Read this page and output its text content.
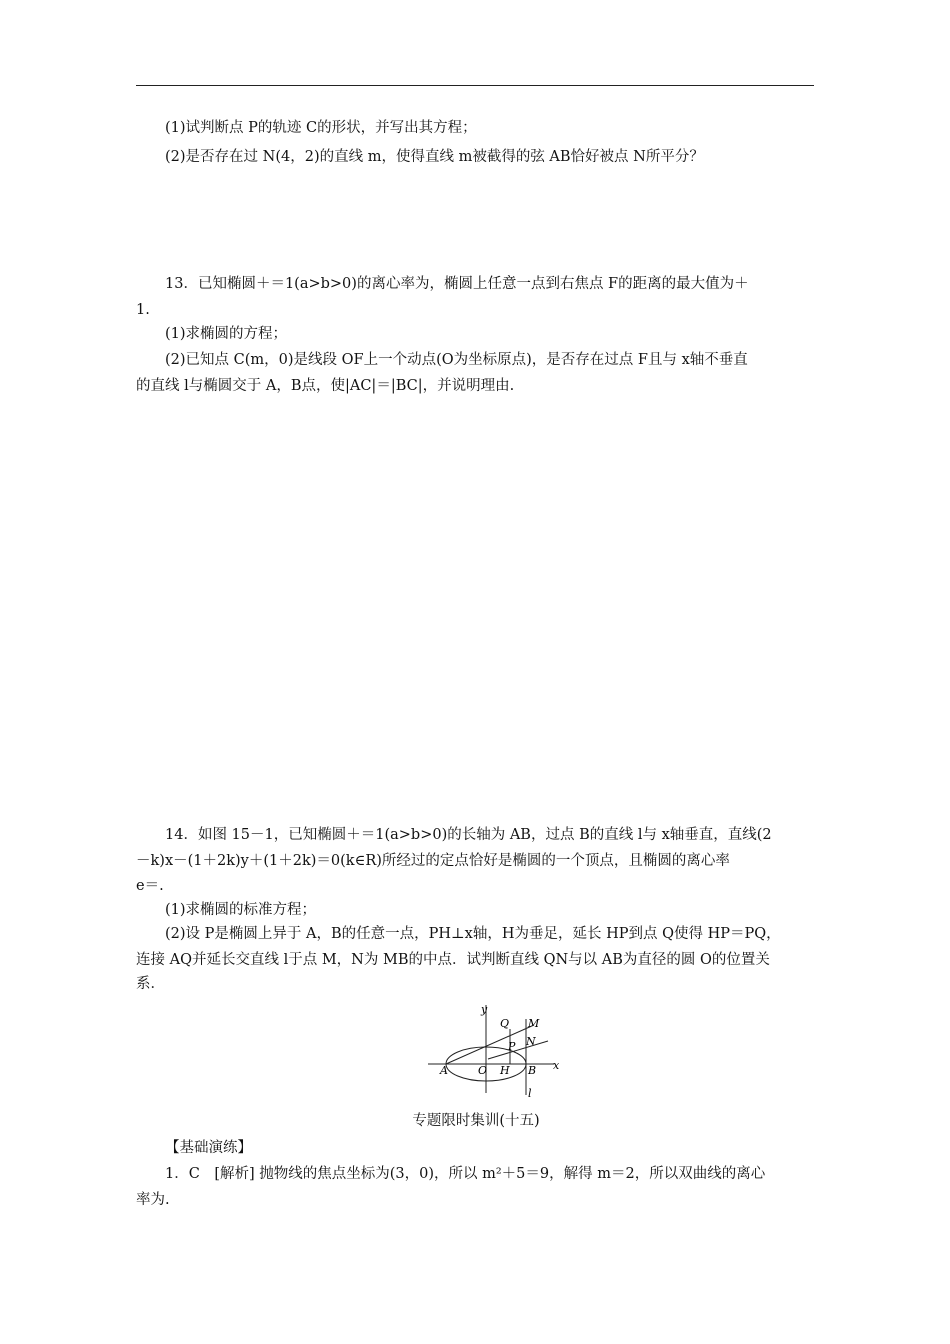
(1)试判断点 P的轨迹 C的形状，并写出其方程；

(2)是否存在过 N(4，2)的直线 m，使得直线 m被截得的弦 AB恰好被点 N所平分？

13．已知椭圆＋＝1(a>b>0)的离心率为，椭圆上任意一点到右焦点 F的距离的最大值为＋

1.

(1)求椭圆的方程；

(2)已知点 C(m，0)是线段 OF上一个动点(O为坐标原点)，是否存在过点 F且与 x轴不垂直

的直线 l与椭圆交于 A，B点，使|AC|＝|BC|，并说明理由.

14．如图 15－1，已知椭圆＋＝1(a>b>0)的长轴为 AB，过点 B的直线 l与 x轴垂直，直线(2

－k)x－(1＋2k)y＋(1＋2k)＝0(k∈R)所经过的定点恰好是椭圆的一个顶点，且椭圆的离心率

e＝.

(1)求椭圆的标准方程；

(2)设 P是椭圆上异于 A，B的任意一点，PH⊥x轴，H为垂足，延长 HP到点 Q使得 HP＝PQ，

连接 AQ并延长交直线 l于点 M，N为 MB的中点．试判断直线 QN与以 AB为直径的圆 O的位置关

系．

y
x
Q M
N
P
A	O H B
l
专题限时集训(十五)

【基础演练】

1．C　[解析] 抛物线的焦点坐标为(3，0)，所以 m²＋5＝9，解得 m＝2，所以双曲线的离心

率为.
